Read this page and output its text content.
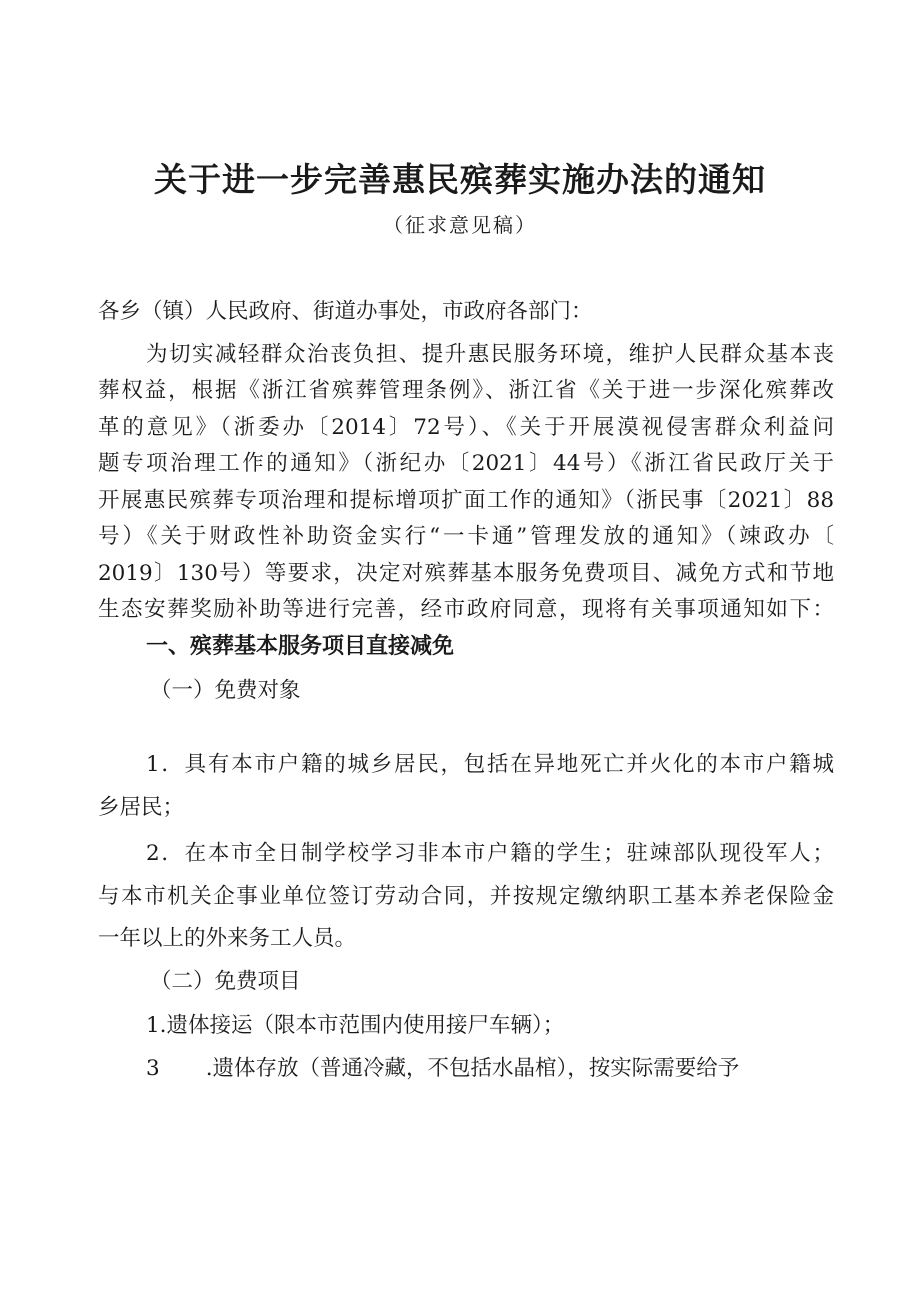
关于进一步完善惠民殡葬实施办法的通知

（征求意见稿）

各乡（镇）人民政府、街道办事处，市政府各部门：

为切实减轻群众治丧负担、提升惠民服务环境，维护人民群众基本丧

葬权益，根据《浙江省殡葬管理条例》、浙江省《关于进一步深化殡葬改

革的意见》（浙委办〔2014〕72号）、《关于开展漠视侵害群众利益问

题专项治理工作的通知》（浙纪办〔2021〕44号）《浙江省民政厅关于

开展惠民殡葬专项治理和提标增项扩面工作的通知》（浙民事〔2021〕88

号）《关于财政性补助资金实行“一卡通”管理发放的通知》（竦政办〔

2019〕130号）等要求，决定对殡葬基本服务免费项目、减免方式和节地

生态安葬奖励补助等进行完善，经市政府同意，现将有关事项通知如下：

一、殡葬基本服务项目直接减免

（一）免费对象

1．具有本市户籍的城乡居民，包括在异地死亡并火化的本市户籍城

乡居民；

2．在本市全日制学校学习非本市户籍的学生；驻竦部队现役军人；

与本市机关企事业单位签订劳动合同，并按规定缴纳职工基本养老保险金

一年以上的外来务工人员。

（二）免费项目

1.遗体接运（限本市范围内使用接尸车辆）；

3 .遗体存放（普通冷藏，不包括水晶棺），按实际需要给予
